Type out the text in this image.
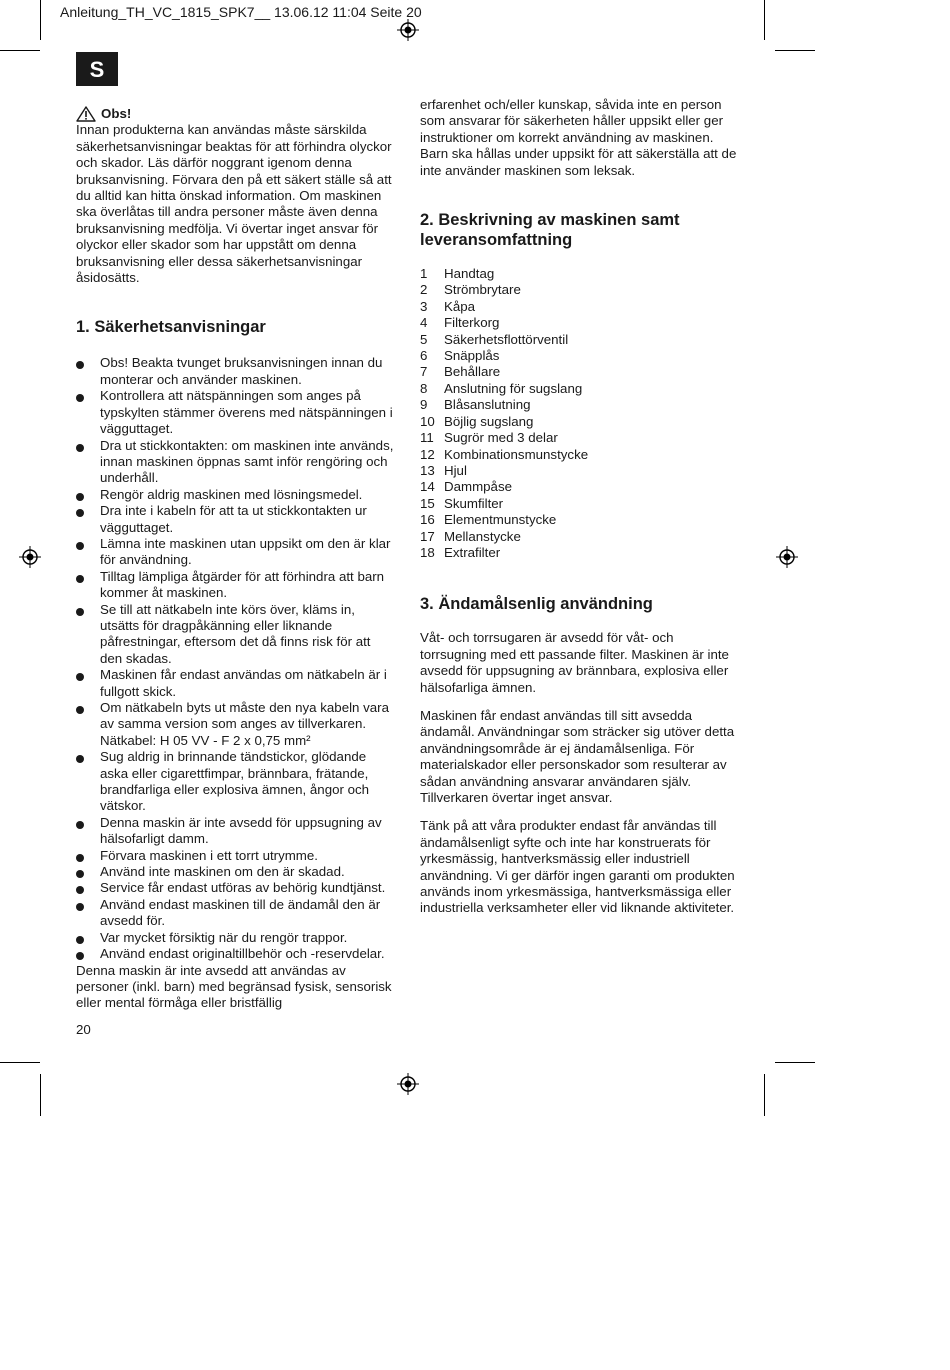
Anleitung_TH_VC_1815_SPK7__ 13.06.12 11:04 Seite 20
S
Obs!

Innan produkterna kan användas måste särskilda säkerhetsanvisningar beaktas för att förhindra olyckor och skador. Läs därför noggrant igenom denna bruksanvisning. Förvara den på ett säkert ställe så att du alltid kan hitta önskad information. Om maskinen ska överlåtas till andra personer måste även denna bruksanvisning medfölja. Vi övertar inget ansvar för olyckor eller skador som har uppstått om denna bruksanvisning eller dessa säkerhetsanvisningar åsidosätts.

1. Säkerhetsanvisningar
Obs! Beakta tvunget bruksanvisningen innan du monterar och använder maskinen.
Kontrollera att nätspänningen som anges på typskylten stämmer överens med nätspänningen i vägguttaget.
Dra ut stickkontakten: om maskinen inte används, innan maskinen öppnas samt inför rengöring och underhåll.
Rengör aldrig maskinen med lösningsmedel.
Dra inte i kabeln för att ta ut stickkontakten ur vägguttaget.
Lämna inte maskinen utan uppsikt om den är klar för användning.
Tilltag lämpliga åtgärder för att förhindra att barn kommer åt maskinen.
Se till att nätkabeln inte körs över, kläms in, utsätts för dragpåkänning eller liknande påfrestningar, eftersom det då finns risk för att den skadas.
Maskinen får endast användas om nätkabeln är i fullgott skick.
Om nätkabeln byts ut måste den nya kabeln vara av samma version som anges av tillverkaren. Nätkabel: H 05 VV - F 2 x 0,75 mm²
Sug aldrig in brinnande tändstickor, glödande aska eller cigarettfimpar, brännbara, frätande, brandfarliga eller explosiva ämnen, ångor och vätskor.
Denna maskin är inte avsedd för uppsugning av hälsofarligt damm.
Förvara maskinen i ett torrt utrymme.
Använd inte maskinen om den är skadad.
Service får endast utföras av behörig kundtjänst.
Använd endast maskinen till de ändamål den är avsedd för.
Var mycket försiktig när du rengör trappor.
Använd endast originaltillbehör och -reservdelar.

Denna maskin är inte avsedd att användas av personer (inkl. barn) med begränsad fysisk, sensorisk eller mental förmåga eller bristfällig

erfarenhet och/eller kunskap, såvida inte en person som ansvarar för säkerheten håller uppsikt eller ger instruktioner om korrekt användning av maskinen. Barn ska hållas under uppsikt för att säkerställa att de inte använder maskinen som leksak.

2. Beskrivning av maskinen samt leveransomfattning
1	Handtag
2	Strömbrytare
3	Kåpa
4	Filterkorg
5	Säkerhetsflottörventil
6	Snäpplås
7	Behållare
8	Anslutning för sugslang
9	Blåsanslutning
10 Böjlig sugslang
11 Sugrör med 3 delar
12 Kombinationsmunstycke
13 Hjul
14 Dammpåse
15 Skumfilter
16 Elementmunstycke
17 Mellanstycke
18 Extrafilter
3. Ändamålsenlig användning

Våt- och torrsugaren är avsedd för våt- och torrsugning med ett passande filter. Maskinen är inte avsedd för uppsugning av brännbara, explosiva eller hälsofarliga ämnen.

Maskinen får endast användas till sitt avsedda ändamål. Användningar som sträcker sig utöver detta användningsområde är ej ändamålsenliga. För materialskador eller personskador som resulterar av sådan användning ansvarar användaren själv. Tillverkaren övertar inget ansvar.

Tänk på att våra produkter endast får användas till ändamålsenligt syfte och inte har konstruerats för yrkesmässig, hantverksmässig eller industriell användning. Vi ger därför ingen garanti om produkten används inom yrkesmässiga, hantverksmässiga eller industriella verksamheter eller vid liknande aktiviteter.

20
